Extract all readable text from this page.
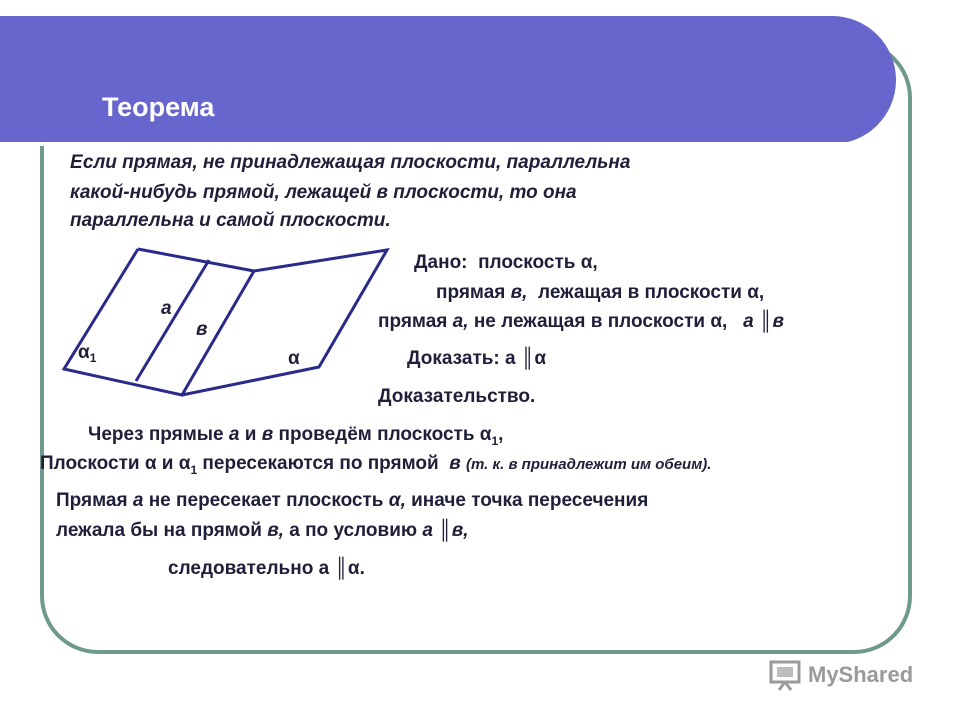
Теорема
Если прямая, не принадлежащая плоскости, параллельна
какой-нибудь прямой, лежащей в плоскости, то она
параллельна и самой плоскости.
а
в
$\alpha_1$	α
Дано: плоскость α,
прямая в, лежащая в плоскости α,
прямая а, не лежащая в плоскости α, а ║в
Доказать: а ║α
Доказательство.
Через прямые а и в проведём плоскость $\alpha_1$,
Плоскости α и $\alpha_1$ пересекаются по прямой в (т. к. в принадлежит им обеим).
Прямая а не пересекает плоскость α, иначе точка пересечения
лежала бы на прямой в, а по условию а ║в,
следовательно а ║α.
MyShared
